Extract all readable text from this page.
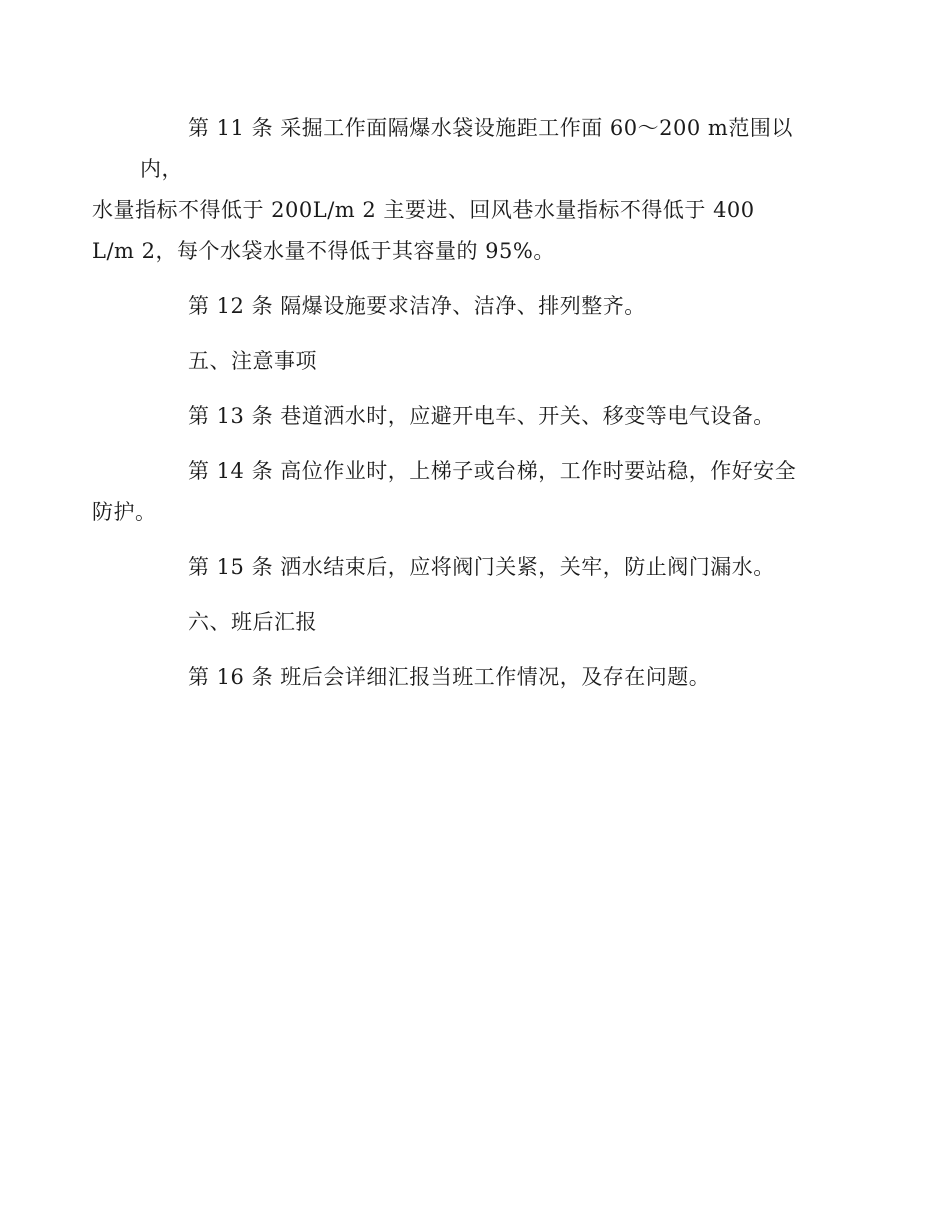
第 11 条 采掘工作面隔爆水袋设施距工作面 60～200 m范围以内，
水量指标不得低于 200L/m 2 主要进、回风巷水量指标不得低于 400
L/m 2，每个水袋水量不得低于其容量的 95%。

第 12 条 隔爆设施要求洁净、洁净、排列整齐。

五、注意事项

第 13 条 巷道洒水时，应避开电车、开关、移变等电气设备。

第 14 条 高位作业时，上梯子或台梯，工作时要站稳，作好安全
防护。

第 15 条 洒水结束后，应将阀门关紧，关牢，防止阀门漏水。

六、班后汇报

第 16 条 班后会详细汇报当班工作情况，及存在问题。
